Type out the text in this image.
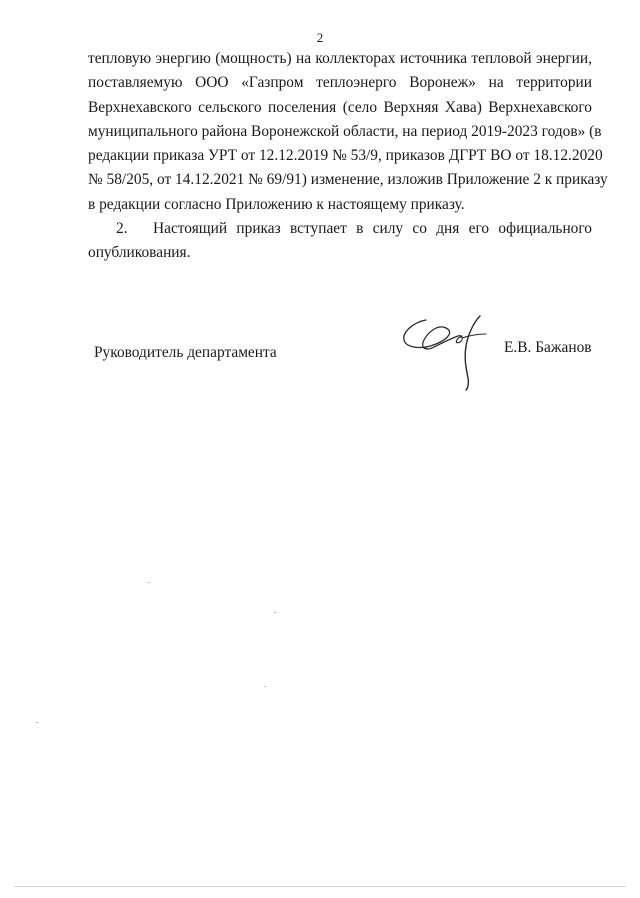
2
тепловую энергию (мощность) на коллекторах источника тепловой энергии,
поставляемую ООО «Газпром теплоэнерго Воронеж» на территории
Верхнехавского сельского поселения (село Верхняя Хава) Верхнехавского
муниципального района Воронежской области, на период 2019-2023 годов» (в
редакции приказа УРТ от 12.12.2019 № 53/9, приказов ДГРТ ВО от 18.12.2020
№ 58/205, от 14.12.2021 № 69/91) изменение, изложив Приложение 2 к приказу
в редакции согласно Приложению к настоящему приказу.
2. Настоящий приказ вступает в силу со дня его официального
опубликования.
Руководитель департамента	Е.В. Бажанов
